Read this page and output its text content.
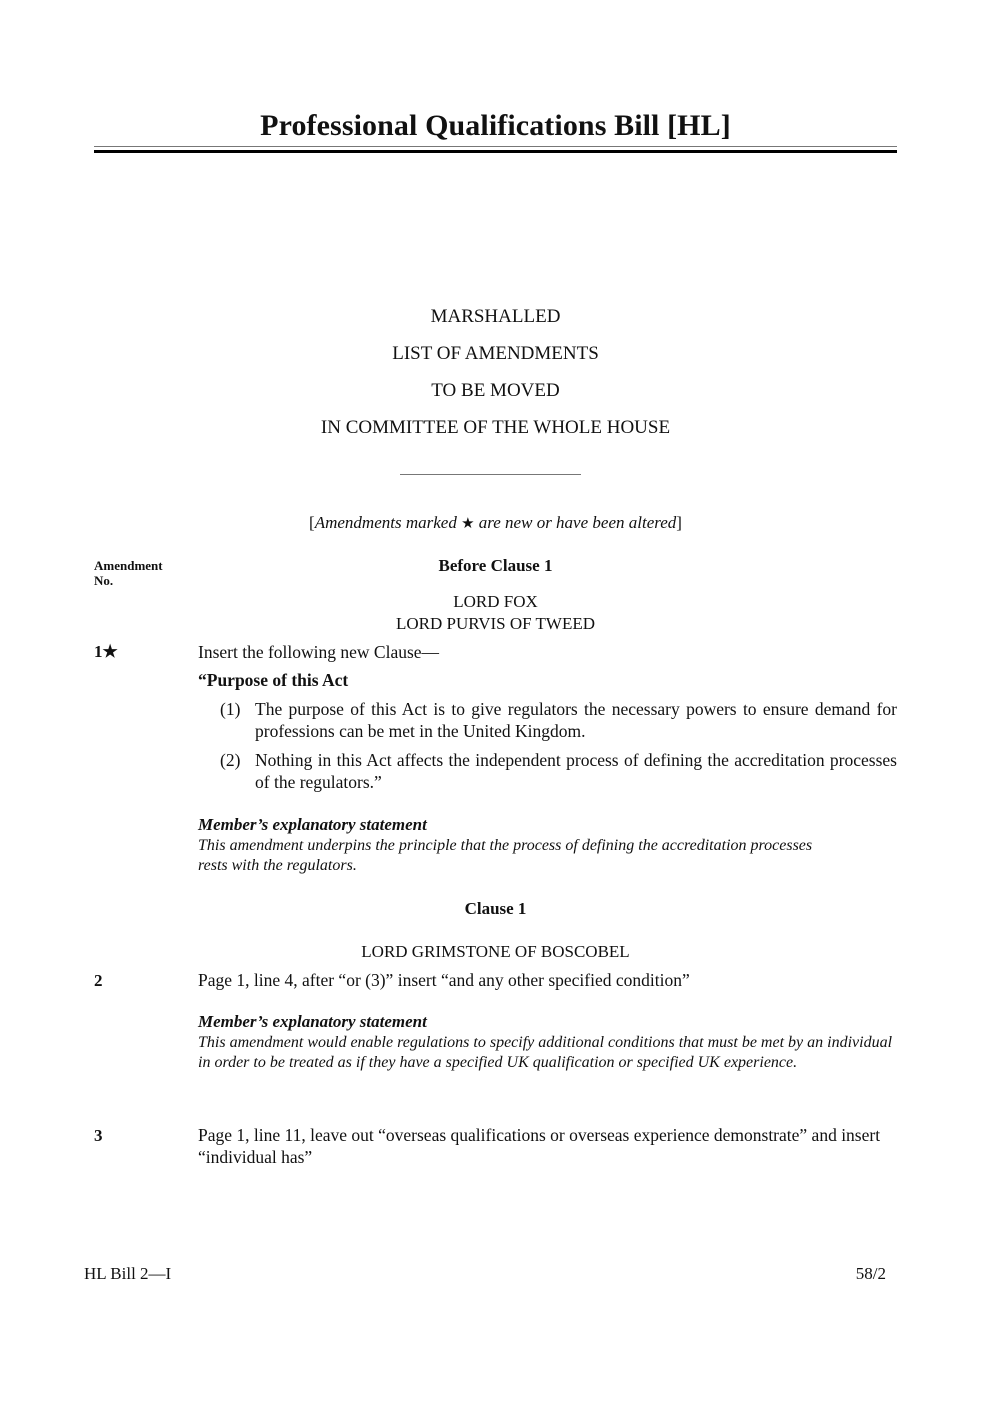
Professional Qualifications Bill [HL]
MARSHALLED
LIST OF AMENDMENTS
TO BE MOVED
IN COMMITTEE OF THE WHOLE HOUSE
[Amendments marked ★ are new or have been altered]
Amendment
No.
Before Clause 1
LORD FOX
LORD PURVIS OF TWEED
1★	Insert the following new Clause—
“Purpose of this Act
(1) The purpose of this Act is to give regulators the necessary powers to ensure demand for professions can be met in the United Kingdom.
(2) Nothing in this Act affects the independent process of defining the accreditation processes of the regulators.”
Member’s explanatory statement
This amendment underpins the principle that the process of defining the accreditation processes rests with the regulators.
Clause 1
LORD GRIMSTONE OF BOSCOBEL
2	Page 1, line 4, after “or (3)” insert “and any other specified condition”
Member’s explanatory statement
This amendment would enable regulations to specify additional conditions that must be met by an individual in order to be treated as if they have a specified UK qualification or specified UK experience.
3	Page 1, line 11, leave out “overseas qualifications or overseas experience demonstrate” and insert “individual has”
HL Bill 2—I	58/2
